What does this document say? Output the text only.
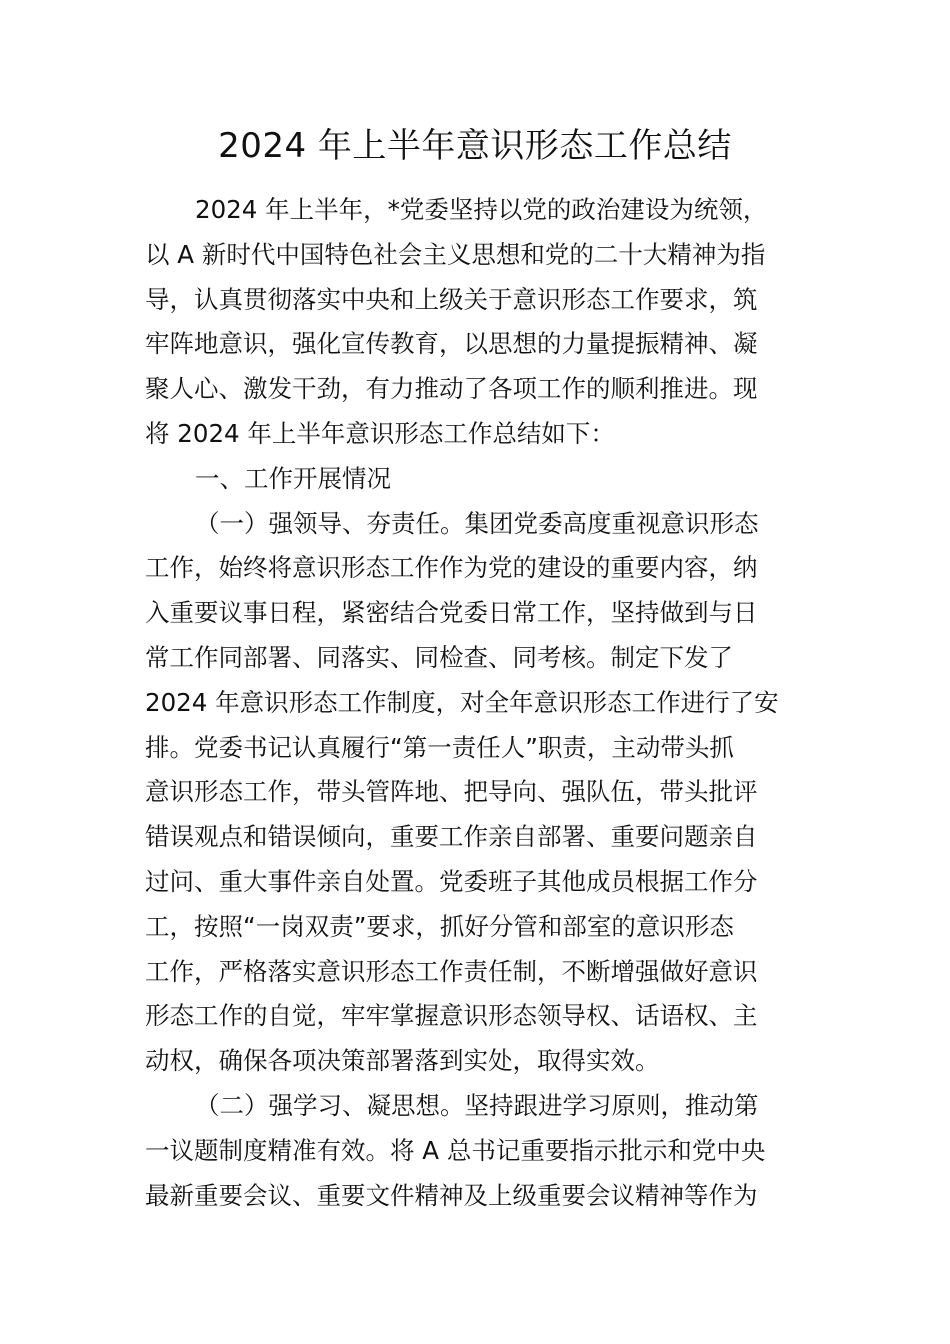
2024 年上半年意识形态工作总结
2024 年上半年，*党委坚持以党的政治建设为统领，
以 A 新时代中国特色社会主义思想和党的二十大精神为指
导，认真贯彻落实中央和上级关于意识形态工作要求，筑
牢阵地意识，强化宣传教育，以思想的力量提振精神、凝
聚人心、激发干劲，有力推动了各项工作的顺利推进。现
将 2024 年上半年意识形态工作总结如下：
一、工作开展情况
（一）强领导、夯责任。集团党委高度重视意识形态
工作，始终将意识形态工作作为党的建设的重要内容，纳
入重要议事日程，紧密结合党委日常工作，坚持做到与日
常工作同部署、同落实、同检查、同考核。制定下发了
2024 年意识形态工作制度，对全年意识形态工作进行了安
排。党委书记认真履行“第一责任人”职责，主动带头抓
意识形态工作，带头管阵地、把导向、强队伍，带头批评
错误观点和错误倾向，重要工作亲自部署、重要问题亲自
过问、重大事件亲自处置。党委班子其他成员根据工作分
工，按照“一岗双责”要求，抓好分管和部室的意识形态
工作，严格落实意识形态工作责任制，不断增强做好意识
形态工作的自觉，牢牢掌握意识形态领导权、话语权、主
动权，确保各项决策部署落到实处，取得实效。
（二）强学习、凝思想。坚持跟进学习原则，推动第
一议题制度精准有效。将 A 总书记重要指示批示和党中央
最新重要会议、重要文件精神及上级重要会议精神等作为
